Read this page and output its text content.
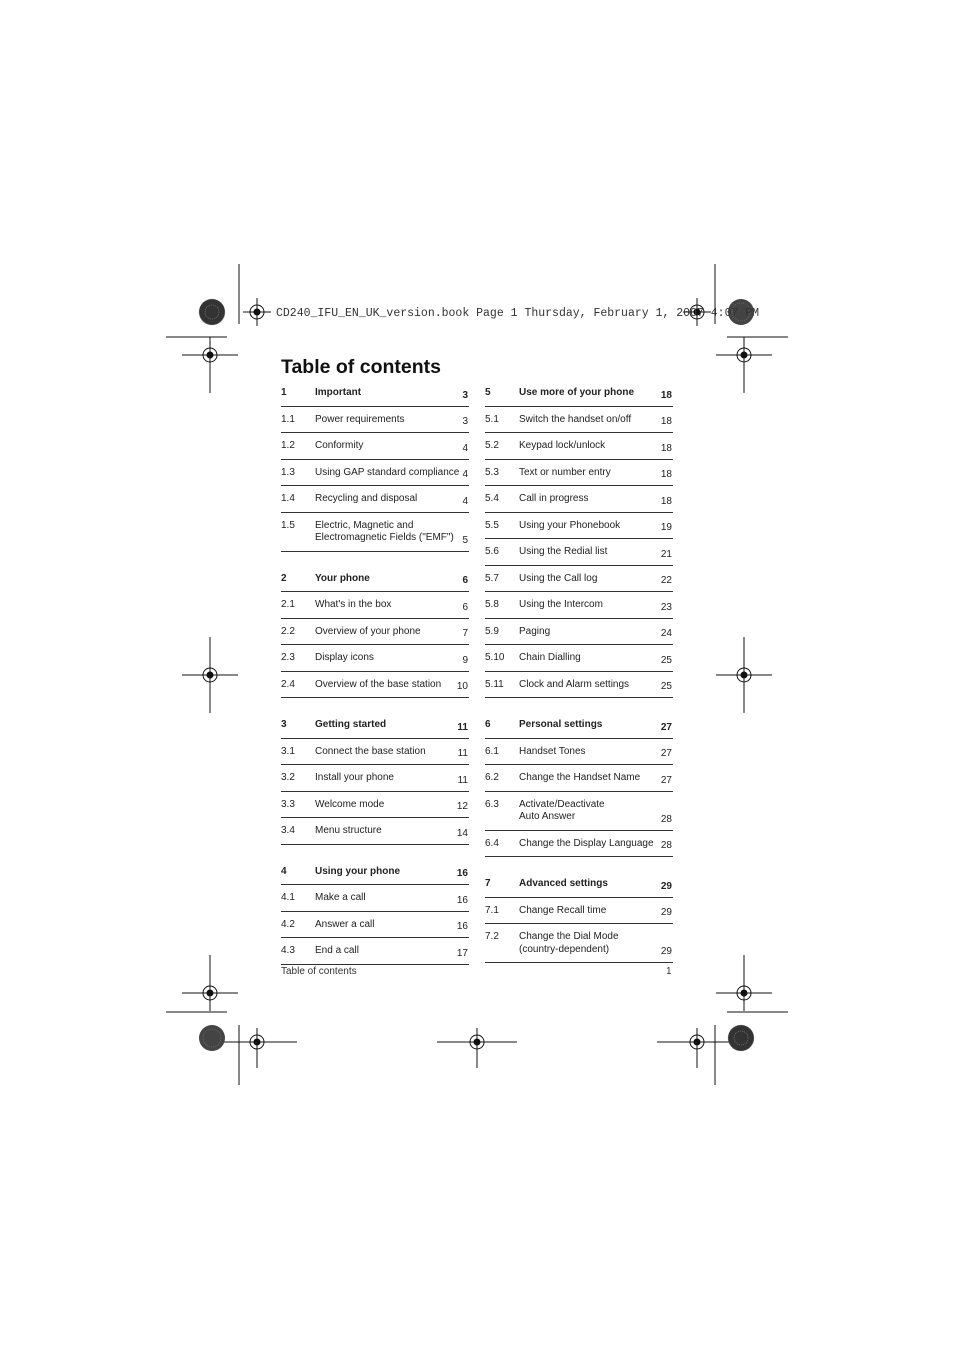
CD240_IFU_EN_UK_version.book Page 1 Thursday, February 1, 2007 4:07 PM
Table of contents
1	Important	3
1.1 Power requirements	3
1.2 Conformity	4
1.3 Using GAP standard compliance 4
1.4 Recycling and disposal	4
1.5 Electric, Magnetic and
Electromagnetic Fields ("EMF") 5
2	Your phone	6
2.1 What's in the box	6
2.2 Overview of your phone	7
2.3 Display icons	9
2.4 Overview of the base station 10
3	Getting started	11
3.1 Connect the base station	11
3.2 Install your phone	11
3.3 Welcome mode	12
3.4 Menu structure	14
4	Using your phone	16
4.1 Make a call	16
4.2 Answer a call	16
4.3 End a call	17
5	Use more of your phone	18
5.1 Switch the handset on/off	18
5.2 Keypad lock/unlock	18
5.3 Text or number entry	18
5.4 Call in progress	18
5.5 Using your Phonebook	19
5.6 Using the Redial list	21
5.7 Using the Call log	22
5.8 Using the Intercom	23
5.9 Paging	24
5.10 Chain Dialling	25
5.11 Clock and Alarm settings	25
6	Personal settings	27
6.1 Handset Tones	27
6.2 Change the Handset Name 27
6.3 Activate/Deactivate
Auto Answer	28
6.4 Change the Display Language 28
7	Advanced settings	29
7.1 Change Recall time	29
7.2 Change the Dial Mode
(country-dependent)	29
Table of contents	1
